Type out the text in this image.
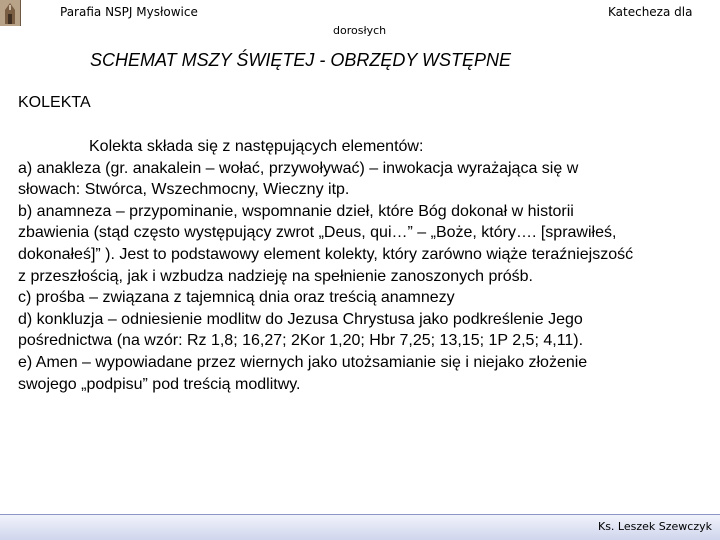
Parafia NSPJ Mysłowice	Katecheza dla
dorosłych
SCHEMAT MSZY ŚWIĘTEJ - OBRZĘDY WSTĘPNE
KOLEKTA

Kolekta składa się z następujących elementów:

a) anakleza (gr. anakalein – wołać, przywoływać) – inwokacja wyrażająca się w

słowach: Stwórca, Wszechmocny, Wieczny itp.

b) anamneza – przypominanie, wspomnanie dzieł, które Bóg dokonał w historii

zbawienia (stąd często występujący zwrot „Deus, qui…” – „Boże, który…. [sprawiłeś,

dokonałeś]” ). Jest to podstawowy element kolekty, który zarówno wiąże teraźniejszość

z przeszłością, jak i wzbudza nadzieję na spełnienie zanoszonych próśb.

c) prośba – związana z tajemnicą dnia oraz treścią anamnezy

d) konkluzja – odniesienie modlitw do Jezusa Chrystusa jako podkreślenie Jego

pośrednictwa (na wzór: Rz 1,8; 16,27; 2Kor 1,20; Hbr 7,25; 13,15; 1P 2,5; 4,11).

e) Amen – wypowiadane przez wiernych jako utożsamianie się i niejako złożenie

swojego „podpisu” pod treścią modlitwy.

Ks. Leszek Szewczyk
